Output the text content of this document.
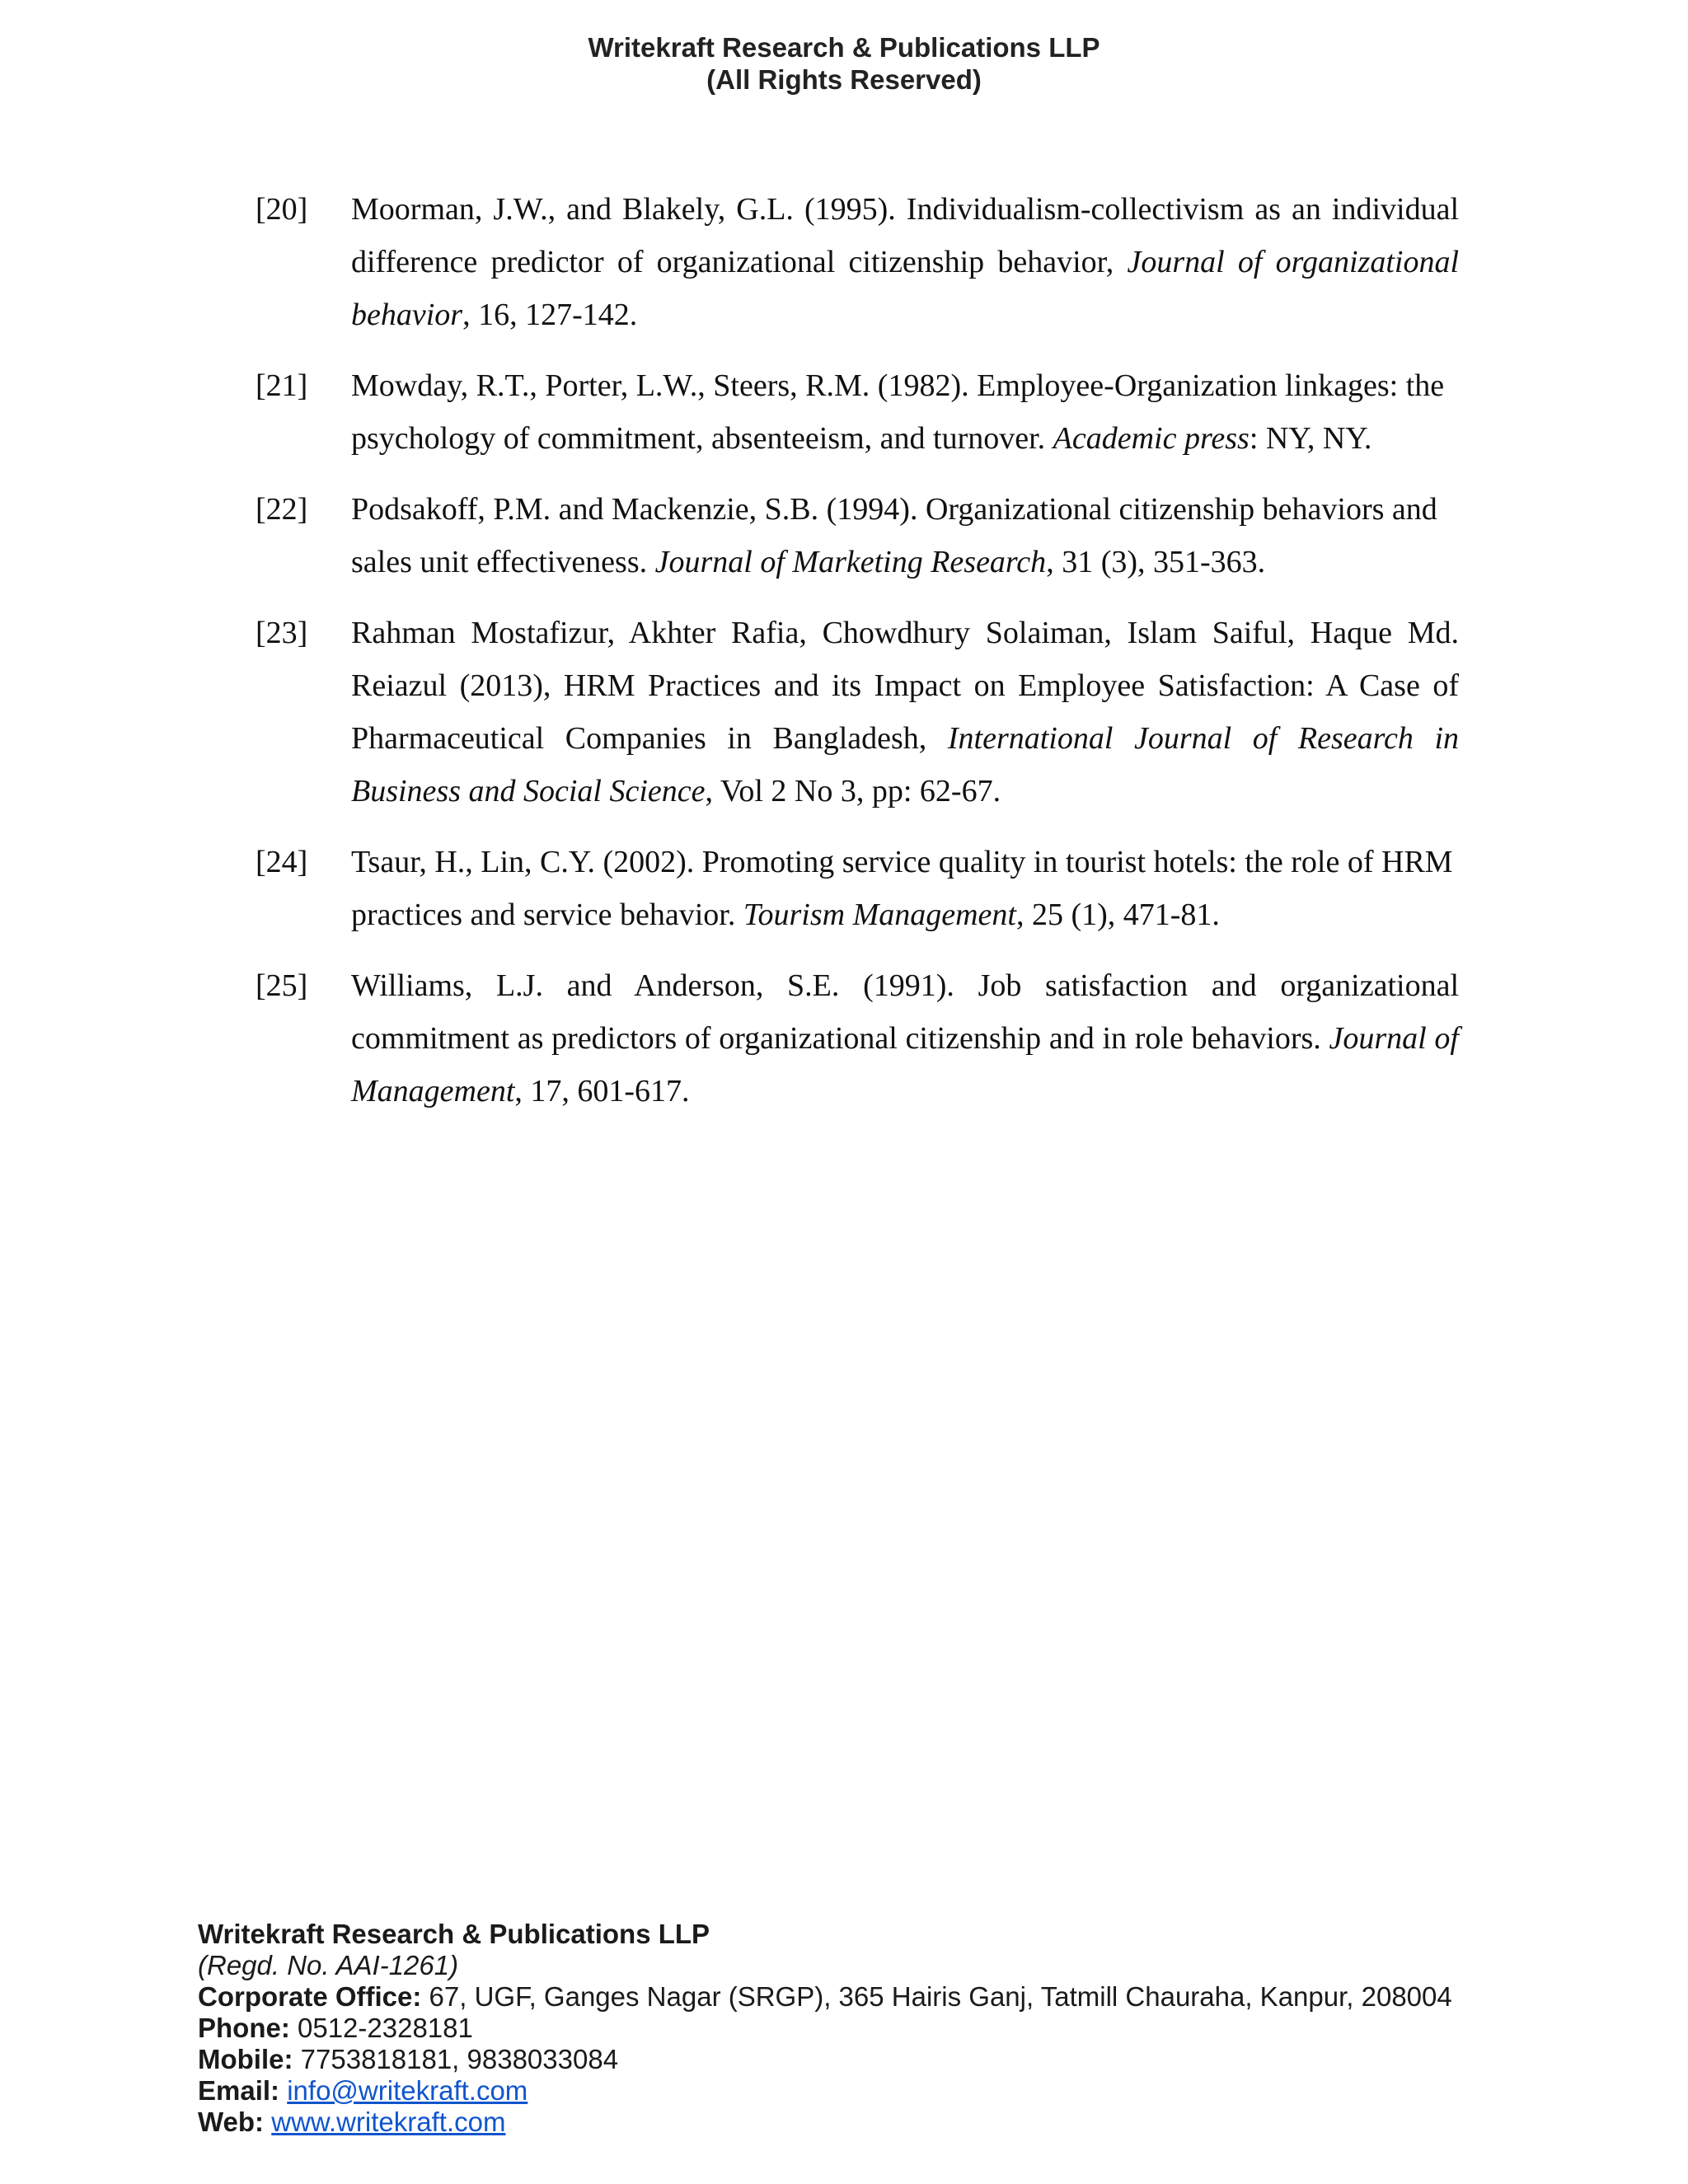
Writekraft Research & Publications LLP
(All Rights Reserved)
[20]	Moorman, J.W., and Blakely, G.L. (1995). Individualism-collectivism as an individual difference predictor of organizational citizenship behavior, Journal of organizational behavior, 16, 127-142.
[21]	Mowday, R.T., Porter, L.W., Steers, R.M. (1982). Employee-Organization linkages: the psychology of commitment, absenteeism, and turnover. Academic press: NY, NY.
[22]	Podsakoff, P.M. and Mackenzie, S.B. (1994). Organizational citizenship behaviors and sales unit effectiveness. Journal of Marketing Research, 31 (3), 351-363.
[23]	Rahman Mostafizur, Akhter Rafia, Chowdhury Solaiman, Islam Saiful, Haque Md. Reiazul (2013), HRM Practices and its Impact on Employee Satisfaction: A Case of Pharmaceutical Companies in Bangladesh, International Journal of Research in Business and Social Science, Vol 2 No 3, pp: 62-67.
[24]	Tsaur, H., Lin, C.Y. (2002). Promoting service quality in tourist hotels: the role of HRM practices and service behavior. Tourism Management, 25 (1), 471-81.
[25]	Williams, L.J. and Anderson, S.E. (1991). Job satisfaction and organizational commitment as predictors of organizational citizenship and in role behaviors. Journal of Management, 17, 601-617.
Writekraft Research & Publications LLP
(Regd. No. AAI-1261)
Corporate Office: 67, UGF, Ganges Nagar (SRGP), 365 Hairis Ganj, Tatmill Chauraha, Kanpur, 208004
Phone: 0512-2328181
Mobile: 7753818181, 9838033084
Email: info@writekraft.com
Web: www.writekraft.com
